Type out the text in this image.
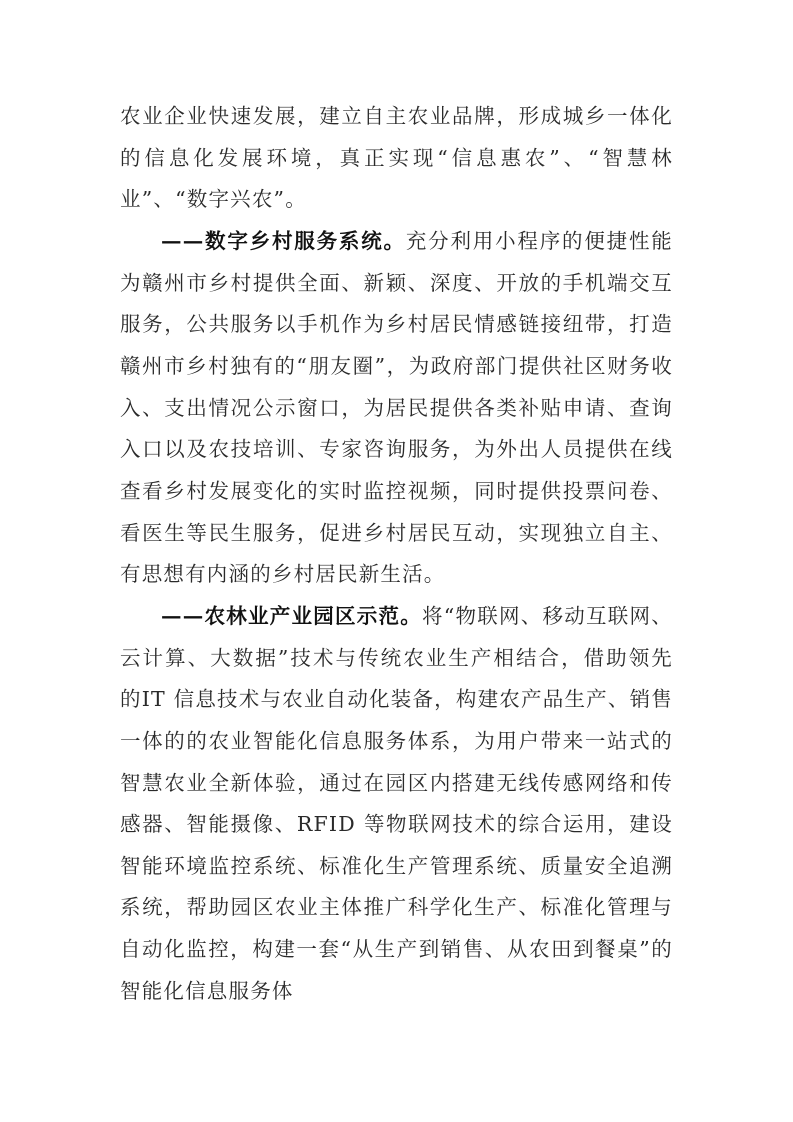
农业企业快速发展，建立自主农业品牌，形成城乡一体化的信息化发展环境，真正实现“信息惠农”、“智慧林业”、“数字兴农”。

——数字乡村服务系统。充分利用小程序的便捷性能为赣州市乡村提供全面、新颖、深度、开放的手机端交互服务，公共服务以手机作为乡村居民情感链接纽带，打造赣州市乡村独有的“朋友圈”，为政府部门提供社区财务收入、支出情况公示窗口，为居民提供各类补贴申请、查询入口以及农技培训、专家咨询服务，为外出人员提供在线查看乡村发展变化的实时监控视频，同时提供投票问卷、看医生等民生服务，促进乡村居民互动，实现独立自主、有思想有内涵的乡村居民新生活。

——农林业产业园区示范。将“物联网、移动互联网、云计算、大数据”技术与传统农业生产相结合，借助领先的IT 信息技术与农业自动化装备，构建农产品生产、销售一体的的农业智能化信息服务体系，为用户带来一站式的智慧农业全新体验，通过在园区内搭建无线传感网络和传感器、智能摄像、RFID 等物联网技术的综合运用，建设智能环境监控系统、标准化生产管理系统、质量安全追溯系统，帮助园区农业主体推广科学化生产、标准化管理与自动化监控，构建一套“从生产到销售、从农田到餐桌”的智能化信息服务体
